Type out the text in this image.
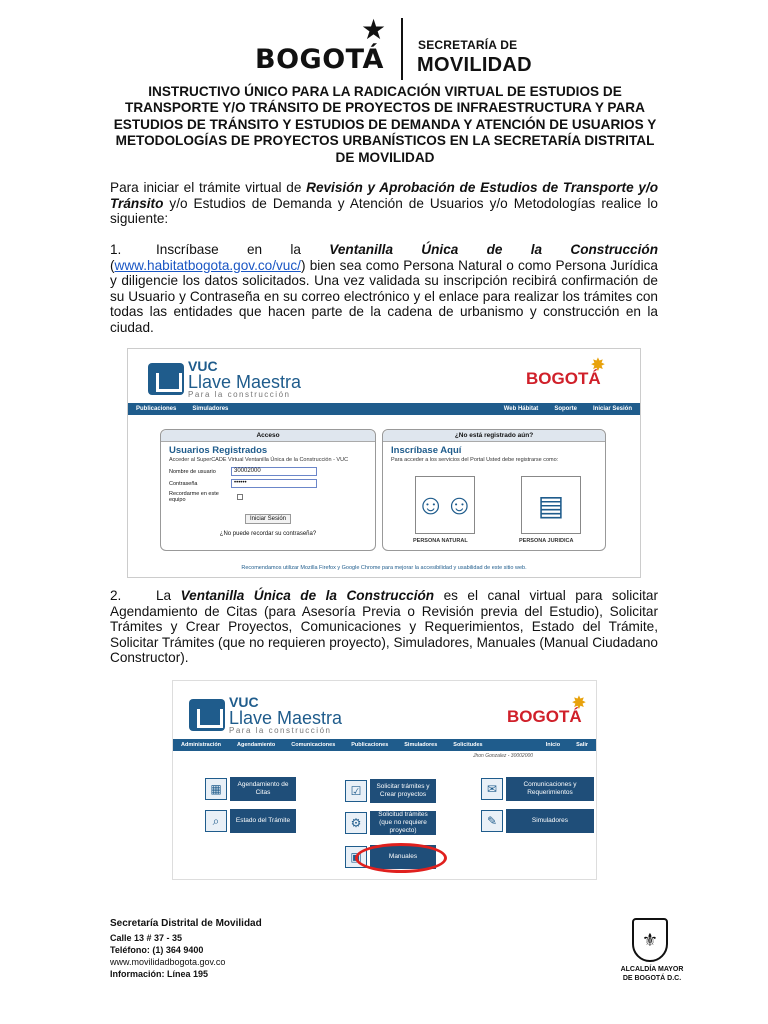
BOGOTÁ
★	SECRETARÍA DE
MOVILIDAD
INSTRUCTIVO ÚNICO PARA LA RADICACIÓN VIRTUAL DE ESTUDIOS DE TRANSPORTE Y/O TRÁNSITO DE PROYECTOS DE INFRAESTRUCTURA Y PARA ESTUDIOS DE TRÁNSITO Y ESTUDIOS DE DEMANDA Y ATENCIÓN DE USUARIOS Y METODOLOGÍAS DE PROYECTOS URBANÍSTICOS EN LA SECRETARÍA DISTRITAL DE MOVILIDAD

Para iniciar el trámite virtual de Revisión y Aprobación de Estudios de Transporte y/o Tránsito y/o Estudios de Demanda y Atención de Usuarios y/o Metodologías realice lo siguiente:

1.	Inscríbase en la Ventanilla Única de la Construcción (www.habitatbogota.gov.co/vuc/) bien sea como Persona Natural o como Persona Jurídica y diligencie los datos solicitados. Una vez validada su inscripción recibirá confirmación de su Usuario y Contraseña en su correo electrónico y el enlace para realizar los trámites con todas las entidades que hacen parte de la cadena de urbanismo y construcción en la ciudad.

VUC
Llave Maestra
Para la construcción
BOGOTÁ
✸
Publicaciones	Simuladores	Web Hábitat	Soporte	Iniciar Sesión
Acceso
Usuarios Registrados
Acceder al SuperCADE Virtual Ventanilla Única de la Construcción - VUC
Nombre de usuario	30002000
Contraseña	••••••
Recordarme en este equipo
Iniciar Sesión
¿No puede recordar su contraseña?
¿No está registrado aún?
Inscríbase Aquí
Para acceder a los servicios del Portal Usted debe registrarse como:
☺☺ ▤
PERSONA NATURAL	PERSONA JURIDICA
Recomendamos utilizar Mozilla Firefox y Google Chrome para mejorar la accesibilidad y usabilidad de este sitio web.

2.	La Ventanilla Única de la Construcción es el canal virtual para solicitar Agendamiento de Citas (para Asesoría Previa o Revisión previa del Estudio), Solicitar Trámites y Crear Proyectos, Comunicaciones y Requerimientos, Estado del Trámite, Solicitar Trámites (que no requieren proyecto), Simuladores, Manuales (Manual Ciudadano Constructor).

VUC
Llave Maestra
Para la construcción
BOGOTÁ
✸
Administración	Agendamiento	Comunicaciones	Publicaciones	Simuladores	Solicitudes	Inicio	Salir
Jhon Gonzalez - 30002000
▦	Agendamiento de Citas	☑	Solicitar trámites y Crear proyectos	✉	Comunicaciones y Requerimientos
⌕	Estado del Trámite	⚙
Solicitud trámites (que no requiere proyecto)
✎	Simuladores
▣	Manuales
Secretaría Distrital de Movilidad
Calle 13 # 37 - 35
Teléfono: (1) 364 9400
www.movilidadbogota.gov.co
Información: Línea 195
⚜
ALCALDÍA MAYOR
DE BOGOTÁ D.C.
